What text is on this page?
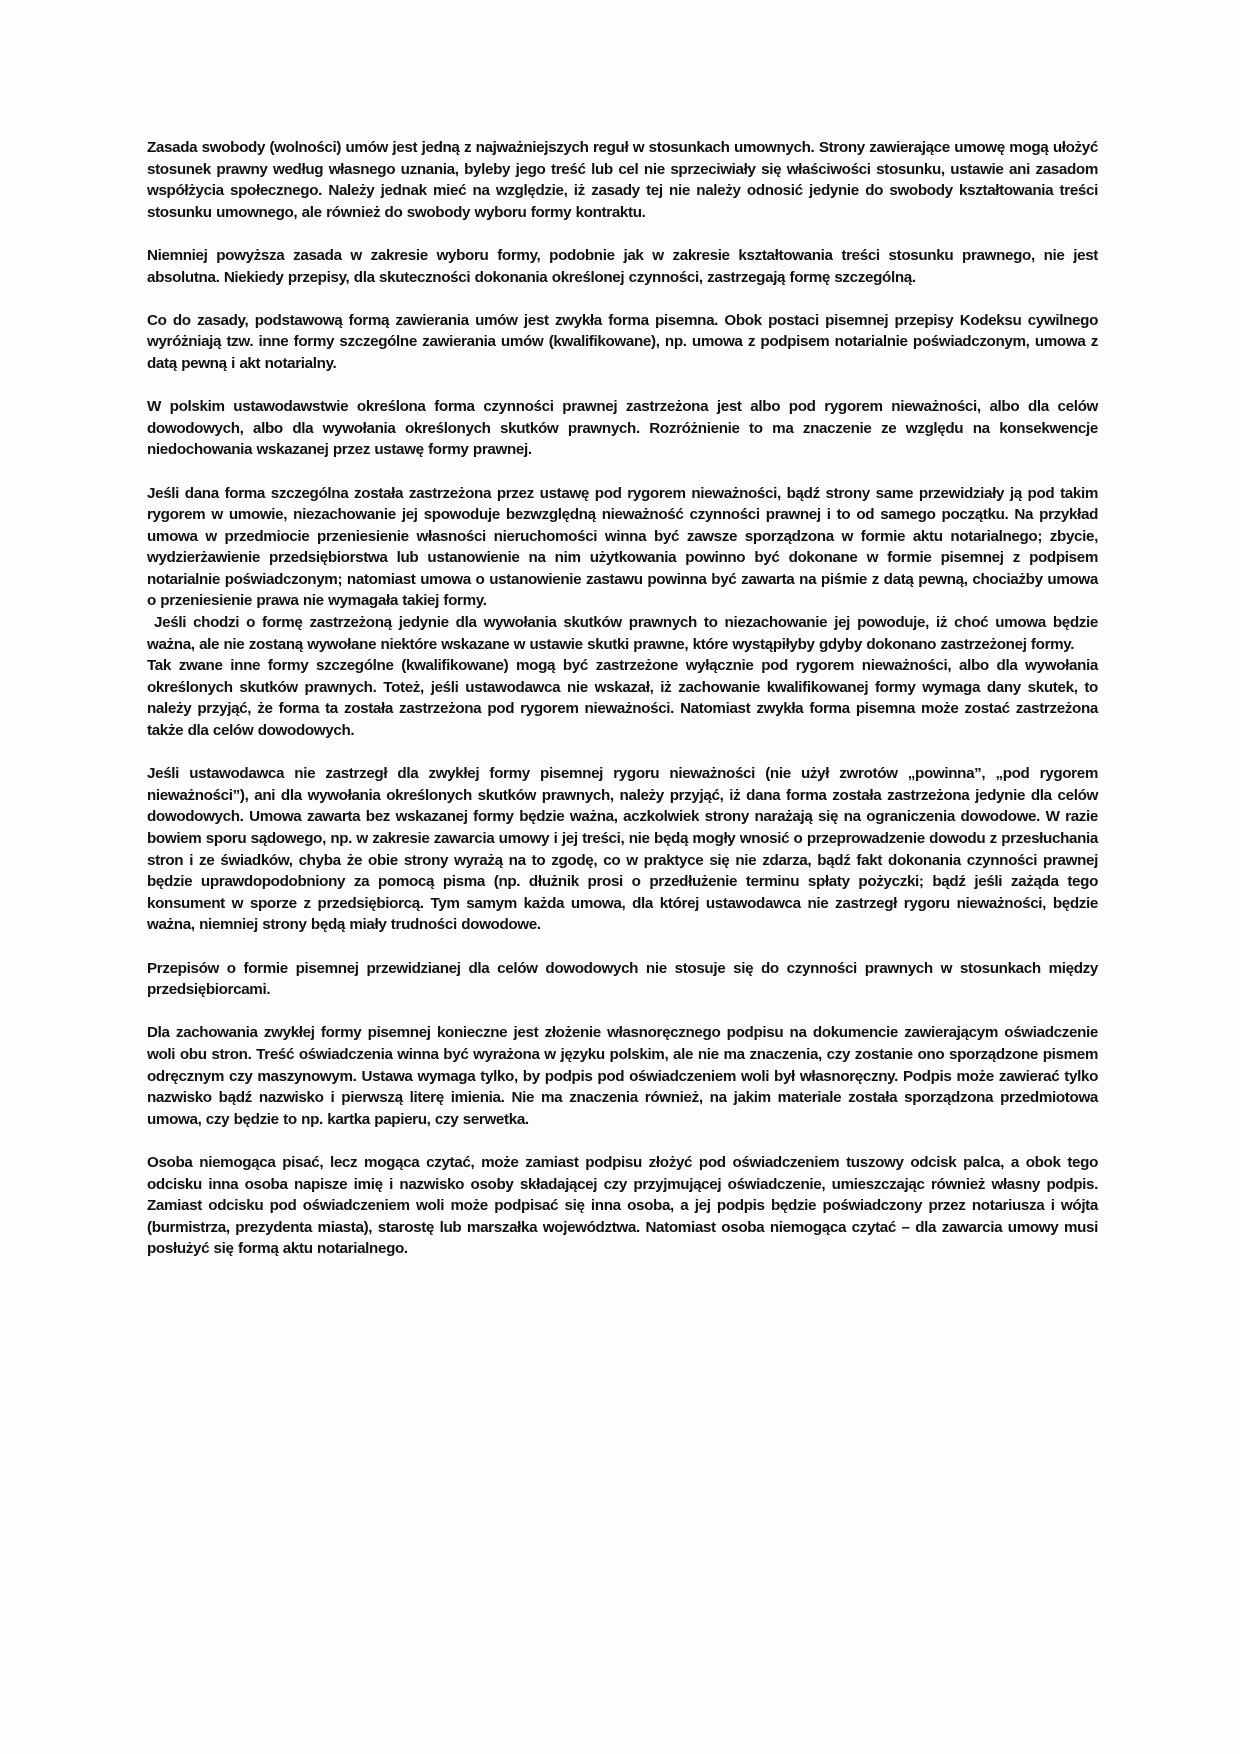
Zasada swobody (wolności) umów jest jedną z najważniejszych reguł w stosunkach umownych. Strony zawierające umowę mogą ułożyć stosunek prawny według własnego uznania, byleby jego treść lub cel nie sprzeciwiały się właściwości stosunku, ustawie ani zasadom współżycia społecznego. Należy jednak mieć na względzie, iż zasady tej nie należy odnosić jedynie do swobody kształtowania treści stosunku umownego, ale również do swobody wyboru formy kontraktu.

Niemniej powyższa zasada w zakresie wyboru formy, podobnie jak w zakresie kształtowania treści stosunku prawnego, nie jest absolutna. Niekiedy przepisy, dla skuteczności dokonania określonej czynności, zastrzegają formę szczególną.

Co do zasady, podstawową formą zawierania umów jest zwykła forma pisemna. Obok postaci pisemnej przepisy Kodeksu cywilnego wyróżniają tzw. inne formy szczególne zawierania umów (kwalifikowane), np. umowa z podpisem notarialnie poświadczonym, umowa z datą pewną i akt notarialny.

W polskim ustawodawstwie określona forma czynności prawnej zastrzeżona jest albo pod rygorem nieważności, albo dla celów dowodowych, albo dla wywołania określonych skutków prawnych. Rozróżnienie to ma znaczenie ze względu na konsekwencje niedochowania wskazanej przez ustawę formy prawnej.

Jeśli dana forma szczególna została zastrzeżona przez ustawę pod rygorem nieważności, bądź strony same przewidziały ją pod takim rygorem w umowie, niezachowanie jej spowoduje bezwzględną nieważność czynności prawnej i to od samego początku. Na przykład umowa w przedmiocie przeniesienie własności nieruchomości winna być zawsze sporządzona w formie aktu notarialnego; zbycie, wydzierżawienie przedsiębiorstwa lub ustanowienie na nim użytkowania powinno być dokonane w formie pisemnej z podpisem notarialnie poświadczonym; natomiast umowa o ustanowienie zastawu powinna być zawarta na piśmie z datą pewną, chociażby umowa o przeniesienie prawa nie wymagała takiej formy.

Jeśli chodzi o formę zastrzeżoną jedynie dla wywołania skutków prawnych to niezachowanie jej powoduje, iż choć umowa będzie ważna, ale nie zostaną wywołane niektóre wskazane w ustawie skutki prawne, które wystąpiłyby gdyby dokonano zastrzeżonej formy.

Tak zwane inne formy szczególne (kwalifikowane) mogą być zastrzeżone wyłącznie pod rygorem nieważności, albo dla wywołania określonych skutków prawnych. Toteż, jeśli ustawodawca nie wskazał, iż zachowanie kwalifikowanej formy wymaga dany skutek, to należy przyjąć, że forma ta została zastrzeżona pod rygorem nieważności. Natomiast zwykła forma pisemna może zostać zastrzeżona także dla celów dowodowych.

Jeśli ustawodawca nie zastrzegł dla zwykłej formy pisemnej rygoru nieważności (nie użył zwrotów „powinna”, „pod rygorem nieważności”), ani dla wywołania określonych skutków prawnych, należy przyjąć, iż dana forma została zastrzeżona jedynie dla celów dowodowych. Umowa zawarta bez wskazanej formy będzie ważna, aczkolwiek strony narażają się na ograniczenia dowodowe. W razie bowiem sporu sądowego, np. w zakresie zawarcia umowy i jej treści, nie będą mogły wnosić o przeprowadzenie dowodu z przesłuchania stron i ze świadków, chyba że obie strony wyrażą na to zgodę, co w praktyce się nie zdarza, bądź fakt dokonania czynności prawnej będzie uprawdopodobniony za pomocą pisma (np. dłużnik prosi o przedłużenie terminu spłaty pożyczki; bądź jeśli zażąda tego konsument w sporze z przedsiębiorcą. Tym samym każda umowa, dla której ustawodawca nie zastrzegł rygoru nieważności, będzie ważna, niemniej strony będą miały trudności dowodowe.

Przepisów o formie pisemnej przewidzianej dla celów dowodowych nie stosuje się do czynności prawnych w stosunkach między przedsiębiorcami.

Dla zachowania zwykłej formy pisemnej konieczne jest złożenie własnoręcznego podpisu na dokumencie zawierającym oświadczenie woli obu stron. Treść oświadczenia winna być wyrażona w języku polskim, ale nie ma znaczenia, czy zostanie ono sporządzone pismem odręcznym czy maszynowym. Ustawa wymaga tylko, by podpis pod oświadczeniem woli był własnoręczny. Podpis może zawierać tylko nazwisko bądź nazwisko i pierwszą literę imienia. Nie ma znaczenia również, na jakim materiale została sporządzona przedmiotowa umowa, czy będzie to np. kartka papieru, czy serwetka.

Osoba niemogąca pisać, lecz mogąca czytać, może zamiast podpisu złożyć pod oświadczeniem tuszowy odcisk palca, a obok tego odcisku inna osoba napisze imię i nazwisko osoby składającej czy przyjmującej oświadczenie, umieszczając również własny podpis. Zamiast odcisku pod oświadczeniem woli może podpisać się inna osoba, a jej podpis będzie poświadczony przez notariusza i wójta (burmistrza, prezydenta miasta), starostę lub marszałka województwa. Natomiast osoba niemogąca czytać – dla zawarcia umowy musi posłużyć się formą aktu notarialnego.
